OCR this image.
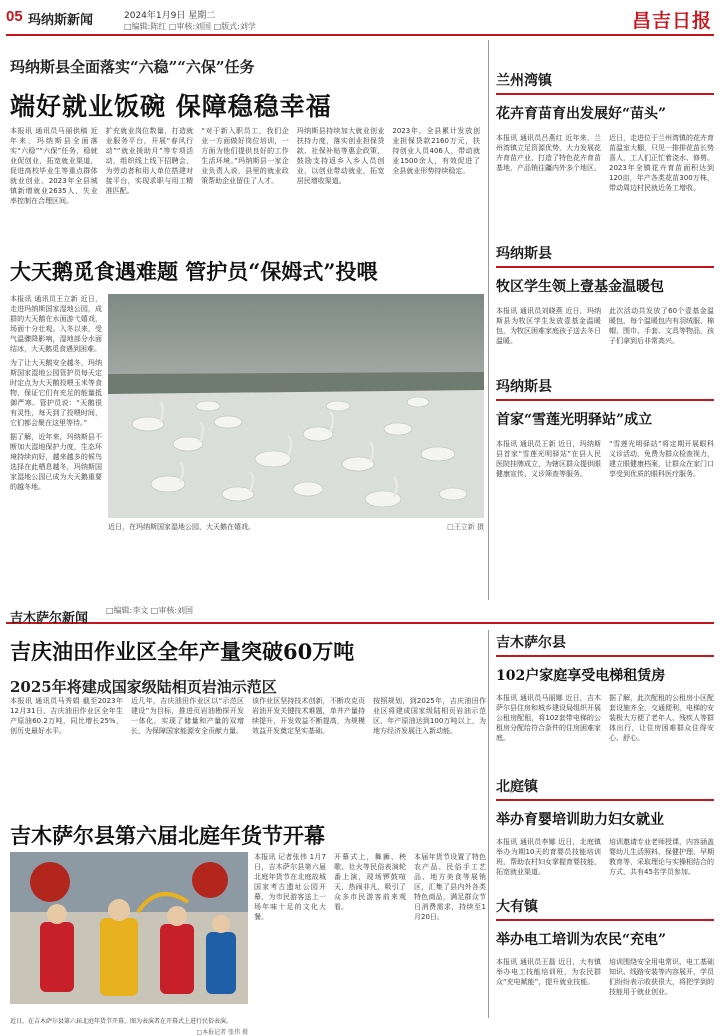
05 玛纳斯新闻	2024年1月9日 星期二
□编辑:陈红 □审核:刘国 □版式:刘学	昌吉日报
玛纳斯县全面落实“六稳”“六保”任务
端好就业饭碗 保障稳稳幸福
本报讯 通讯员马丽供稿 近年来，玛纳斯县全面落实“六稳”“六保”任务，稳就业促创业，拓宽就业渠道，促进高校毕业生等重点群体就业创业。2023年全县城镇新增就业2635人，失业率控制在合理区间。
扩充就业岗位数量，打造就业服务平台，开展“春风行动”“就业援助月”等专项活动，组织线上线下招聘会，为劳动者和用人单位搭建对接平台，实现求职与用工精准匹配。
“对于新入职员工，我们企业一方面做好岗位培训，一方面为他们提供良好的工作生活环境。”玛纳斯县一家企业负责人说，县里的就业政策帮助企业留住了人才。
玛纳斯县持续加大就业创业扶持力度，落实创业担保贷款、社保补贴等惠企政策，鼓励支持返乡入乡人员创业，以创业带动就业，拓宽居民增收渠道。
2023年，全县累计发放创业担保贷款2160万元，扶持创业人员406人，带动就业1500余人，有效促进了全县就业形势持续稳定。
兰州湾镇
花卉育苗育出发展好“苗头”
本报讯 通讯员吕燕红 近年来，兰州湾镇立足资源优势，大力发展花卉育苗产业，打造了特色花卉育苗基地，产品销往疆内外多个地区。
近日，走进位于兰州湾镇的花卉育苗温室大棚，只见一排排花苗长势喜人，工人们正忙着浇水、修剪。2023年全镇花卉育苗面积达到120亩，年产各类花苗300万株，带动周边村民就近务工增收。
玛纳斯县
牧区学生领上壹基金温暖包
本报讯 通讯员刘晓燕 近日，玛纳斯县为牧区学生发放壹基金温暖包，为牧区困难家庭孩子送去冬日温暖。
此次活动共发放了60个壹基金温暖包，每个温暖包内有羽绒服、棉帽、围巾、手套、文具等物品，孩子们拿到后非常高兴。
玛纳斯县
首家“雪莲光明驿站”成立
本报讯 通讯员王新 近日，玛纳斯县首家“雪莲光明驿站”在县人民医院挂牌成立，为辖区群众提供眼健康宣传、义诊筛查等服务。
“雪莲光明驿站”将定期开展眼科义诊活动，免费为群众检查视力，建立眼健康档案，让群众在家门口享受到优质的眼科医疗服务。
大天鹅觅食遇难题 管护员“保姆式”投喂
本报讯 通讯员王立新 近日，走进玛纳斯国家湿地公园，成群的大天鹅在水面游弋嬉戏，场面十分壮观。入冬以来，受气温骤降影响，湿地部分水面结冰，大天鹅觅食遇到困难。
为了让大天鹅安全越冬，玛纳斯国家湿地公园管护员每天定时定点为大天鹅投喂玉米等食物，保证它们有充足的能量抵御严寒。管护员说：“天鹅很有灵性，每天到了投喂时间，它们都会聚在这里等待。”
据了解，近年来，玛纳斯县不断加大湿地保护力度，生态环境持续向好，越来越多的候鸟选择在此栖息越冬，玛纳斯国家湿地公园已成为大天鹅重要的越冬地。
近日，在玛纳斯国家湿地公园，大天鹅在嬉戏。	□王立新 摄
吉木萨尔新闻
□编辑:李文 □审核:刘国
吉庆油田作业区全年产量突破60万吨
2025年将建成国家级陆相页岩油示范区
本报讯 通讯员马秀娟 截至2023年12月31日，吉庆油田作业区全年生产原油60.2万吨，同比增长25%，创历史最好水平。
近几年，吉庆油田作业区以“示范区建设”为目标，推进页岩油勘探开发一体化，实现了储量和产量的双增长，为保障国家能源安全贡献力量。
该作业区坚持技术创新，不断攻克页岩油开发关键技术难题，单井产量持续提升，开发效益不断提高，为规模效益开发奠定坚实基础。
按照规划，到2025年，吉庆油田作业区将建成国家级陆相页岩油示范区，年产原油达到100万吨以上，为地方经济发展注入新动能。
吉木萨尔县第六届北庭年货节开幕
近日，在吉木萨尔县第六届北庭年货节开幕，图为表演者在开幕式上进行民俗表演。
□本报记者 张伟 摄
本报讯 记者张伟 1月7日，吉木萨尔县第六届北庭年货节在北庭故城国家考古遗址公园开幕，为市民游客送上一场年味十足的文化大餐。
开幕式上，舞狮、秧歌、社火等民俗表演轮番上演，现场锣鼓喧天，热闹非凡，吸引了众多市民游客前来观看。
本届年货节设置了特色农产品、民俗手工艺品、地方美食等展销区，汇集了县内外各类特色商品，满足群众节日消费需求，持续至1月20日。
吉木萨尔县
102户家庭享受电梯租赁房
本报讯 通讯员马丽娜 近日，吉木萨尔县住房和城乡建设局组织开展公租房配租，将102套带电梯的公租房分配给符合条件的住房困难家庭。
据了解，此次配租的公租房小区配套设施齐全，交通便利，电梯的安装极大方便了老年人、残疾人等群体出行，让住房困难群众住得安心、舒心。
北庭镇
举办育婴培训助力妇女就业
本报讯 通讯员李娜 近日，北庭镇举办为期10天的育婴员技能培训班，帮助农村妇女掌握育婴技能，拓宽就业渠道。
培训邀请专业老师授课，内容涵盖婴幼儿生活照料、保健护理、早期教育等，采取理论与实操相结合的方式，共有45名学员参加。
大有镇
举办电工培训为农民“充电”
本报讯 通讯员王磊 近日，大有镇举办电工技能培训班，为农民群众“充电赋能”，提升就业技能。
培训围绕安全用电常识、电工基础知识、线路安装等内容展开，学员们纷纷表示收获很大，将把学到的技能用于就业创业。
